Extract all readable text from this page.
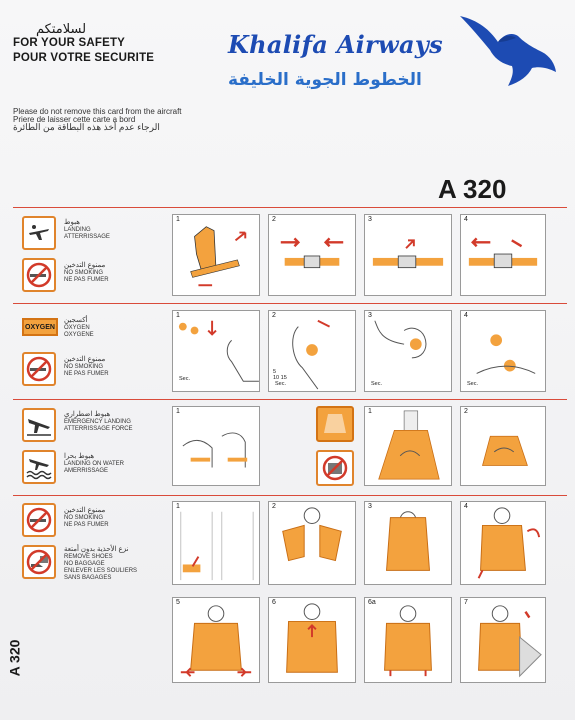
لسلامتكم
FOR YOUR SAFETY
POUR VOTRE SECURITE	Khalifa Airways
الخطوط الجوية الخليفة
Please do not remove this card from the aircraft
Priere de laisser cette carte a bord
الرجاء عدم أخذ هذه البطاقة من الطائرة
A 320
A 320
هبوط
LANDING
ATTERRISSAGE
ممنوع التدخين
NO SMOKING
NE PAS FUMER
OXYGEN
أكسجين
OXYGEN
OXYGENE
ممنوع التدخين
NO SMOKING
NE PAS FUMER
هبوط اضطراري
EMERGENCY LANDING
ATTERRISSAGE FORCE
هبوط بحرا
LANDING ON WATER
AMERRISSAGE
ممنوع التدخين
NO SMOKING
NE PAS FUMER
نزع الأحذية بدون أمتعة
REMOVE SHOES
NO BAGGAGE
ENLEVER LES SOULIERS
SANS BAGAGES
1	2	3	4
1
Sec.
2
5
10 15
Sec.
3
Sec.
4
Sec.
1	1	2
1	2	3	4
5	6	6a	7
